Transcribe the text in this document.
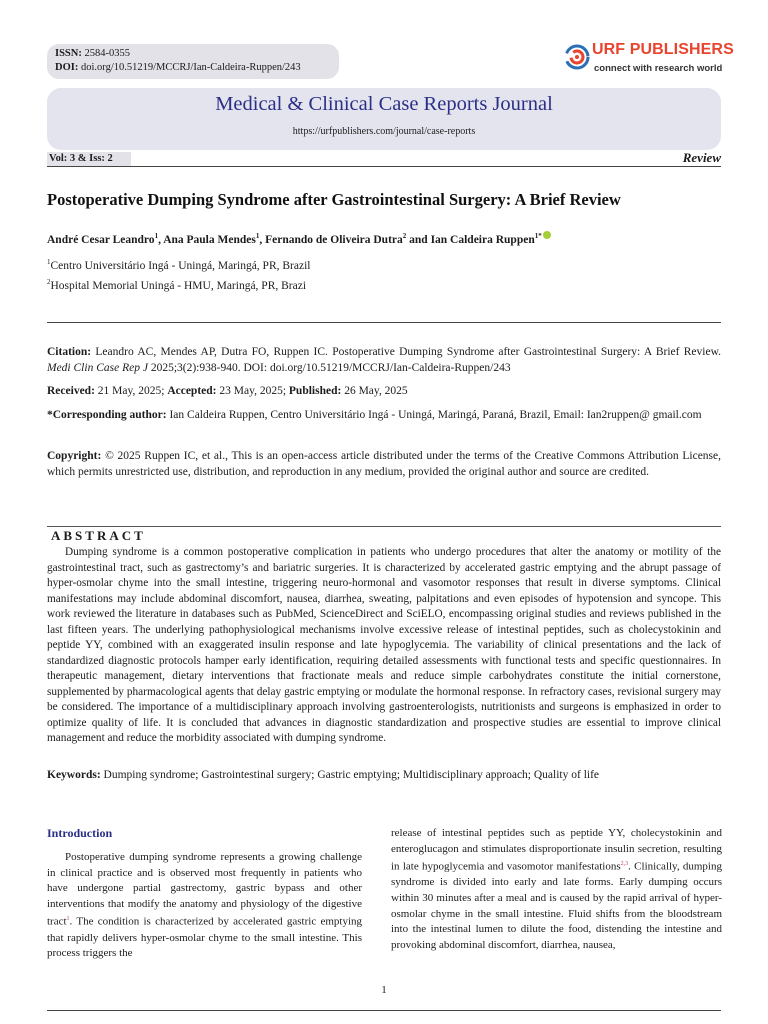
ISSN: 2584-0355
DOI: doi.org/10.51219/MCCRJ/Ian-Caldeira-Ruppen/243
URF PUBLISHERS
connect with research world
Medical & Clinical Case Reports Journal
https://urfpublishers.com/journal/case-reports
Vol: 3 & Iss: 2	Review
Postoperative Dumping Syndrome after Gastrointestinal Surgery: A Brief Review
André Cesar Leandro$^1$, Ana Paula Mendes$^1$, Fernando de Oliveira Dutra$^2$ and Ian Caldeira Ruppen$^{1*}$
$^1$Centro Universitário Ingá - Uningá, Maringá, PR, Brazil
$^2$Hospital Memorial Uningá - HMU, Maringá, PR, Brazi
Citation: Leandro AC, Mendes AP, Dutra FO, Ruppen IC. Postoperative Dumping Syndrome after Gastrointestinal Surgery: A Brief Review. Medi Clin Case Rep J 2025;3(2):938-940. DOI: doi.org/10.51219/MCCRJ/Ian-Caldeira-Ruppen/243
Received: 21 May, 2025; Accepted: 23 May, 2025; Published: 26 May, 2025
*Corresponding author: Ian Caldeira Ruppen, Centro Universitário Ingá - Uningá, Maringá, Paraná, Brazil, Email: Ian2ruppen@ gmail.com
Copyright: © 2025 Ruppen IC, et al., This is an open-access article distributed under the terms of the Creative Commons Attribution License, which permits unrestricted use, distribution, and reproduction in any medium, provided the original author and source are credited.
ABSTRACT
Dumping syndrome is a common postoperative complication in patients who undergo procedures that alter the anatomy or motility of the gastrointestinal tract, such as gastrectomy’s and bariatric surgeries. It is characterized by accelerated gastric emptying and the abrupt passage of hyper-osmolar chyme into the small intestine, triggering neuro-hormonal and vasomotor responses that result in diverse symptoms. Clinical manifestations may include abdominal discomfort, nausea, diarrhea, sweating, palpitations and even episodes of hypotension and syncope. This work reviewed the literature in databases such as PubMed, ScienceDirect and SciELO, encompassing original studies and reviews published in the last fifteen years. The underlying pathophysiological mechanisms involve excessive release of intestinal peptides, such as cholecystokinin and peptide YY, combined with an exaggerated insulin response and late hypoglycemia. The variability of clinical presentations and the lack of standardized diagnostic protocols hamper early identification, requiring detailed assessments with functional tests and specific questionnaires. In therapeutic management, dietary interventions that fractionate meals and reduce simple carbohydrates constitute the initial cornerstone, supplemented by pharmacological agents that delay gastric emptying or modulate the hormonal response. In refractory cases, revisional surgery may be considered. The importance of a multidisciplinary approach involving gastroenterologists, nutritionists and surgeons is emphasized in order to optimize quality of life. It is concluded that advances in diagnostic standardization and prospective studies are essential to improve clinical management and reduce the morbidity associated with dumping syndrome.
Keywords: Dumping syndrome; Gastrointestinal surgery; Gastric emptying; Multidisciplinary approach; Quality of life
Introduction
Postoperative dumping syndrome represents a growing challenge in clinical practice and is observed most frequently in patients who have undergone partial gastrectomy, gastric bypass and other interventions that modify the anatomy and physiology of the digestive tract$^1$. The condition is characterized by accelerated gastric emptying that rapidly delivers hyper-osmolar chyme to the small intestine. This process triggers the
release of intestinal peptides such as peptide YY, cholecystokinin and enteroglucagon and stimulates disproportionate insulin secretion, resulting in late hypoglycemia and vasomotor manifestations$^{2,3}$. Clinically, dumping syndrome is divided into early and late forms. Early dumping occurs within 30 minutes after a meal and is caused by the rapid arrival of hyper-osmolar chyme in the small intestine. Fluid shifts from the bloodstream into the intestinal lumen to dilute the food, distending the intestine and provoking abdominal discomfort, diarrhea, nausea,
1
